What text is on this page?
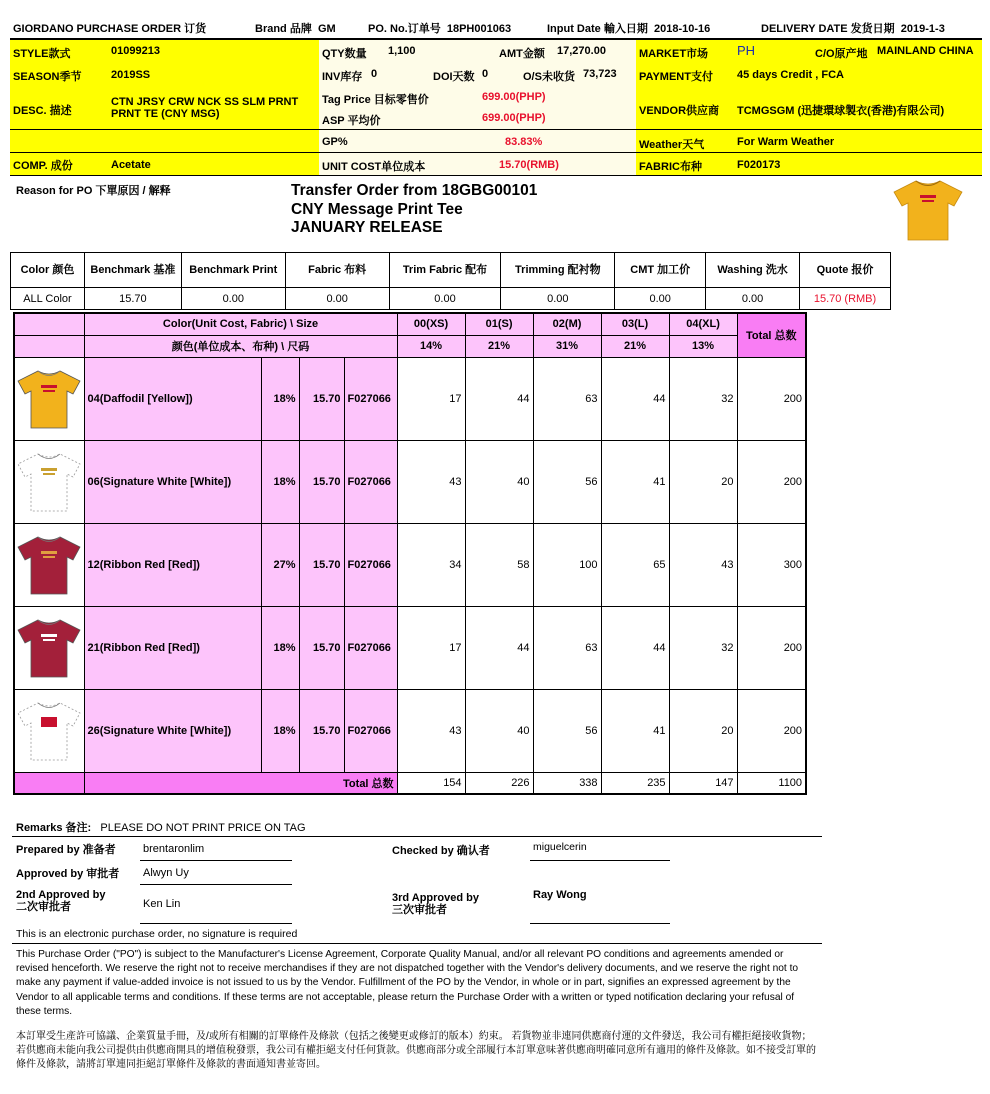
GIORDANO PURCHASE ORDER 订货	Brand 品牌 GM	PO. No.订单号 18PH001063	Input Date 輸入日期 2018-10-16	DELIVERY DATE 发货日期 2019-1-3
STYLE款式	01099213
SEASON季节	2019SS
DESC. 描述
CTN JRSY CRW NCK SS SLM PRNT PRNT TE (CNY MSG)
COMP. 成份	Acetate
QTY数量 1,100	AMT金额 17,270.00
INV库存 0	DOI天数 0	O/S未收货 73,723
Tag Price 目标零售价	699.00(PHP)
ASP 平均价	699.00(PHP)
GP%	83.83%
UNIT COST单位成本	15.70(RMB)
MARKET市场 PH	C/O原产地 MAINLAND CHINA
PAYMENT支付 45 days Credit , FCA
VENDOR供应商 TCMGSGM (迅捷環球製衣(香港)有限公司)
Weather天气	For Warm Weather
FABRIC布种	F020173
Reason for PO 下單原因 / 解释	Transfer Order from 18GBG00101
CNY Message Print Tee
JANUARY RELEASE
Color 颜色	Benchmark 基准	Benchmark Print	Fabric 布料	Trim Fabric 配布	Trimming 配衬物	CMT 加工价	Washing 洗水	Quote 报价
ALL Color	15.70	0.00	0.00	0.00	0.00	0.00	0.00	15.70 (RMB)
	Color(Unit Cost, Fabric) \ Size				00(XS)	01(S)	02(M)	03(L)	04(XL)	Total 总数
	颜色(单位成本、布种) \ 尺码				14%	21%	31%	21%	13%	

	04(Daffodil [Yellow])	18%	15.70	F027066	17	44	63	44	32	200

	06(Signature White [White])	18%	15.70	F027066	43	40	56	41	20	200

	12(Ribbon Red [Red])	27%	15.70	F027066	34	58	100	65	43	300

	21(Ribbon Red [Red])	18%	15.70	F027066	17	44	63	44	32	200

	26(Signature White [White])	18%	15.70	F027066	43	40	56	41	20	200
	Total 总数				154	226	338	235	147	1100
Remarks 备注: PLEASE DO NOT PRINT PRICE ON TAG
Prepared by 准备者 brentaronlim
Approved by 审批者 Alwyn Uy
2nd Approved by
二次审批者	Ken Lin
Checked by 确认者	miguelcerin
3rd Approved by
三次审批者
Ray Wong
This is an electronic purchase order, no signature is required
This Purchase Order ("PO") is subject to the Manufacturer's License Agreement, Corporate Quality Manual, and/or all relevant PO conditions and agreements amended or revised henceforth. We reserve the right not to receive merchandises if they are not dispatched together with the Vendor's delivery documents, and we reserve the right not to make any payment if value-added invoice is not issued to us by the Vendor. Fulfillment of the PO by the Vendor, in whole or in part, signifies an expressed agreement by the Vendor to all applicable terms and conditions. If these terms are not acceptable, please return the Purchase Order with a written or typed notification declaring your refusal of these terms.
本訂單受生產許可協議、企業質量手冊，及/或所有相關的訂單條件及條款（包括之後變更或修訂的版本）約束。 若貨物並非連同供應商付運的文件發送，我公司有權拒絕接收貨物；若供應商未能向我公司提供由供應商開具的增值稅發票，我公司有權拒絕支付任何貨款。供應商部分或全部履行本訂單意味著供應商明確同意所有適用的條件及條款。如不接受訂單的條件及條款，請將訂單連同拒絕訂單條件及條款的書面通知書並寄回。
